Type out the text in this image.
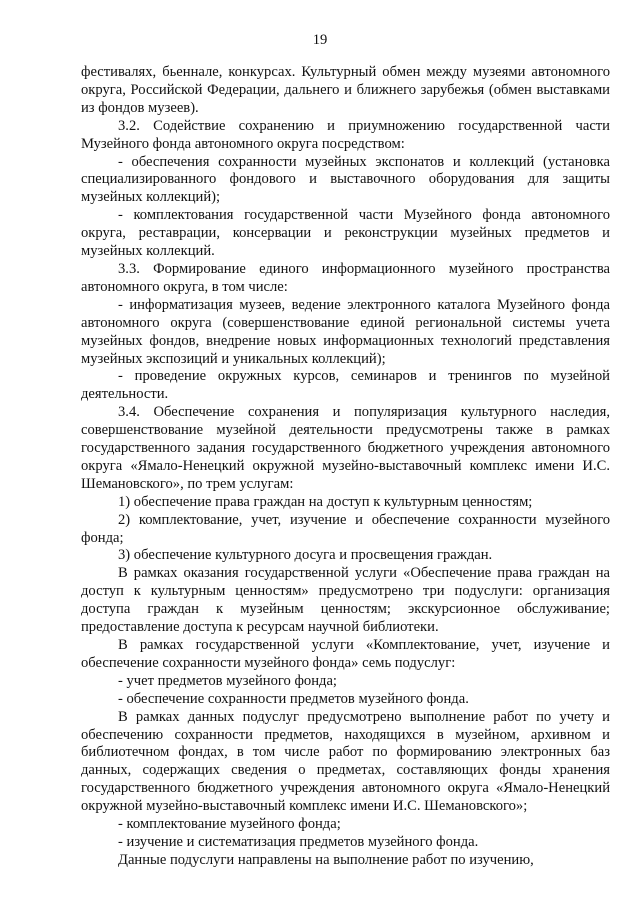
19

фестивалях, бьеннале, конкурсах. Культурный обмен между музеями автономного округа, Российской Федерации, дальнего и ближнего зарубежья (обмен выставками из фондов музеев).

3.2. Содействие сохранению и приумножению государственной части Музейного фонда автономного округа посредством:

- обеспечения сохранности музейных экспонатов и коллекций (установка специализированного фондового и выставочного оборудования для защиты музейных коллекций);

- комплектования государственной части Музейного фонда автономного округа, реставрации, консервации и реконструкции музейных предметов и музейных коллекций.

3.3. Формирование единого информационного музейного пространства автономного округа, в том числе:

- информатизация музеев, ведение электронного каталога Музейного фонда автономного округа (совершенствование единой региональной системы учета музейных фондов, внедрение новых информационных технологий представления музейных экспозиций и уникальных коллекций);

- проведение окружных курсов, семинаров и тренингов по музейной деятельности.

3.4. Обеспечение сохранения и популяризация культурного наследия, совершенствование музейной деятельности предусмотрены также в рамках государственного задания государственного бюджетного учреждения автономного округа «Ямало-Ненецкий окружной музейно-выставочный комплекс имени И.С. Шемановского», по трем услугам:

1) обеспечение права граждан на доступ к культурным ценностям;

2) комплектование, учет, изучение и обеспечение сохранности музейного фонда;

3) обеспечение культурного досуга и просвещения граждан.

В рамках оказания государственной услуги «Обеспечение права граждан на доступ к культурным ценностям» предусмотрено три подуслуги: организация доступа граждан к музейным ценностям; экскурсионное обслуживание; предоставление доступа к ресурсам научной библиотеки.

В рамках государственной услуги «Комплектование, учет, изучение и обеспечение сохранности музейного фонда» семь подуслуг:

- учет предметов музейного фонда;

- обеспечение сохранности предметов музейного фонда.

В рамках данных подуслуг предусмотрено выполнение работ по учету и обеспечению сохранности предметов, находящихся в музейном, архивном и библиотечном фондах, в том числе работ по формированию электронных баз данных, содержащих сведения о предметах, составляющих фонды хранения государственного бюджетного учреждения автономного округа «Ямало-Ненецкий окружной музейно-выставочный комплекс имени И.С. Шемановского»;

- комплектование музейного фонда;

- изучение и систематизация предметов музейного фонда.

Данные подуслуги направлены на выполнение работ по изучению,
